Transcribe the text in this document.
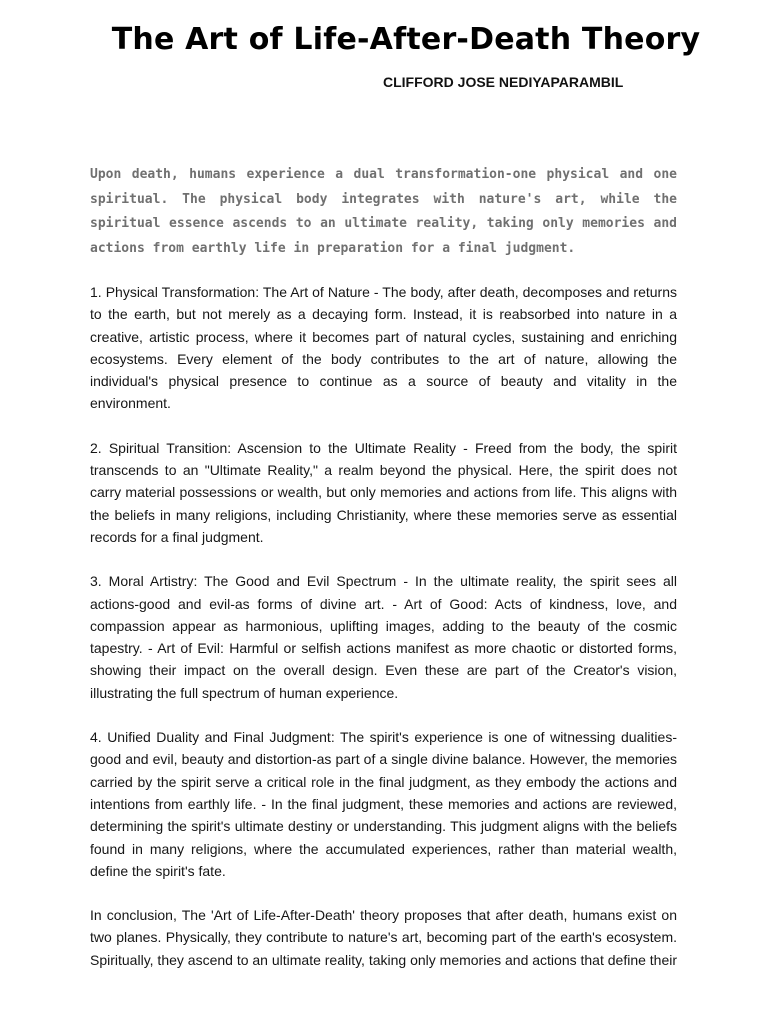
The Art of Life-After-Death Theory
CLIFFORD JOSE NEDIYAPARAMBIL

Upon death, humans experience a dual transformation-one physical and one spiritual. The physical body integrates with nature's art, while the spiritual essence ascends to an ultimate reality, taking only memories and actions from earthly life in preparation for a final judgment.

1. Physical Transformation: The Art of Nature - The body, after death, decomposes and returns to the earth, but not merely as a decaying form. Instead, it is reabsorbed into nature in a creative, artistic process, where it becomes part of natural cycles, sustaining and enriching ecosystems. Every element of the body contributes to the art of nature, allowing the individual's physical presence to continue as a source of beauty and vitality in the environment.

2. Spiritual Transition: Ascension to the Ultimate Reality - Freed from the body, the spirit transcends to an "Ultimate Reality," a realm beyond the physical. Here, the spirit does not carry material possessions or wealth, but only memories and actions from life. This aligns with the beliefs in many religions, including Christianity, where these memories serve as essential records for a final judgment.

3. Moral Artistry: The Good and Evil Spectrum - In the ultimate reality, the spirit sees all actions-good and evil-as forms of divine art. - Art of Good: Acts of kindness, love, and compassion appear as harmonious, uplifting images, adding to the beauty of the cosmic tapestry. - Art of Evil: Harmful or selfish actions manifest as more chaotic or distorted forms, showing their impact on the overall design. Even these are part of the Creator's vision, illustrating the full spectrum of human experience.

4. Unified Duality and Final Judgment: The spirit's experience is one of witnessing dualities-good and evil, beauty and distortion-as part of a single divine balance. However, the memories carried by the spirit serve a critical role in the final judgment, as they embody the actions and intentions from earthly life. - In the final judgment, these memories and actions are reviewed, determining the spirit's ultimate destiny or understanding. This judgment aligns with the beliefs found in many religions, where the accumulated experiences, rather than material wealth, define the spirit's fate.

In conclusion, The 'Art of Life-After-Death' theory proposes that after death, humans exist on two planes. Physically, they contribute to nature's art, becoming part of the earth's ecosystem. Spiritually, they ascend to an ultimate reality, taking only memories and actions that define their
